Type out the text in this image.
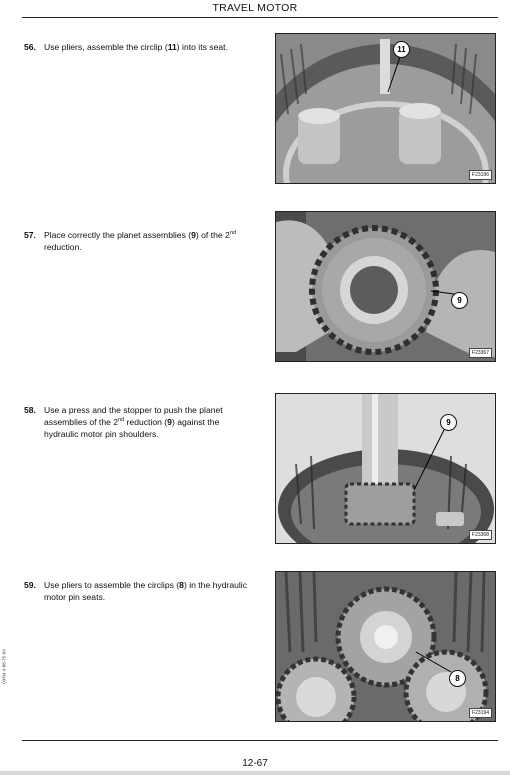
TRAVEL MOTOR
56. Use pliers, assemble the circlip (11) into its seat.	11
F23196
57. Place correctly the planet assemblies (9) of the 2nd reduction.
9
F23367
58. Use a press and the stopper to push the planet assemblies of the 2nd reduction (9) against the hydraulic motor pin shoulders.
9
F23368
59. Use pliers to assemble the circlips (8) in the hydraulic motor pin seats.
8
F23194
03/04 4-88-75-09
12-67
